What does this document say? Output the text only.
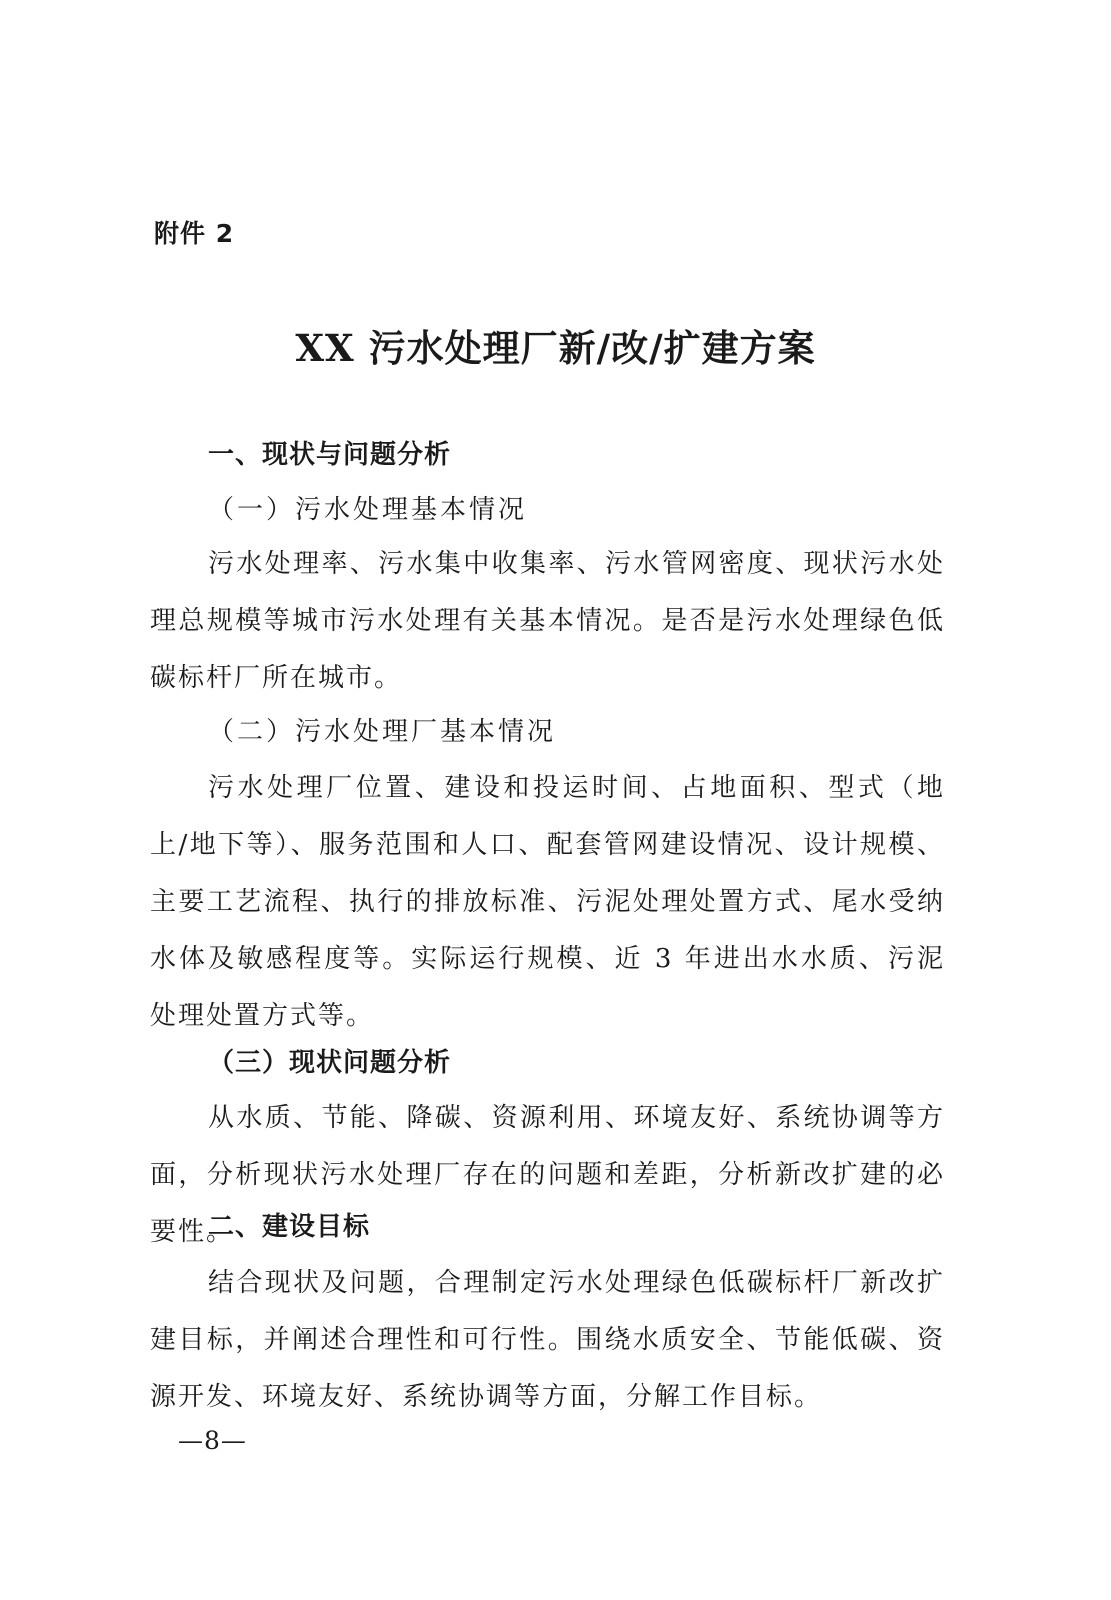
附件 2
XX 污水处理厂新/改/扩建方案
一、现状与问题分析
（一）污水处理基本情况
污水处理率、污水集中收集率、污水管网密度、现状污水处理总规模等城市污水处理有关基本情况。是否是污水处理绿色低碳标杆厂所在城市。
（二）污水处理厂基本情况
污水处理厂位置、建设和投运时间、占地面积、型式（地上/地下等）、服务范围和人口、配套管网建设情况、设计规模、主要工艺流程、执行的排放标准、污泥处理处置方式、尾水受纳水体及敏感程度等。实际运行规模、近 3 年进出水水质、污泥处理处置方式等。
（三）现状问题分析
从水质、节能、降碳、资源利用、环境友好、系统协调等方面，分析现状污水处理厂存在的问题和差距，分析新改扩建的必要性。
二、建设目标
结合现状及问题，合理制定污水处理绿色低碳标杆厂新改扩建目标，并阐述合理性和可行性。围绕水质安全、节能低碳、资源开发、环境友好、系统协调等方面，分解工作目标。
—8—
